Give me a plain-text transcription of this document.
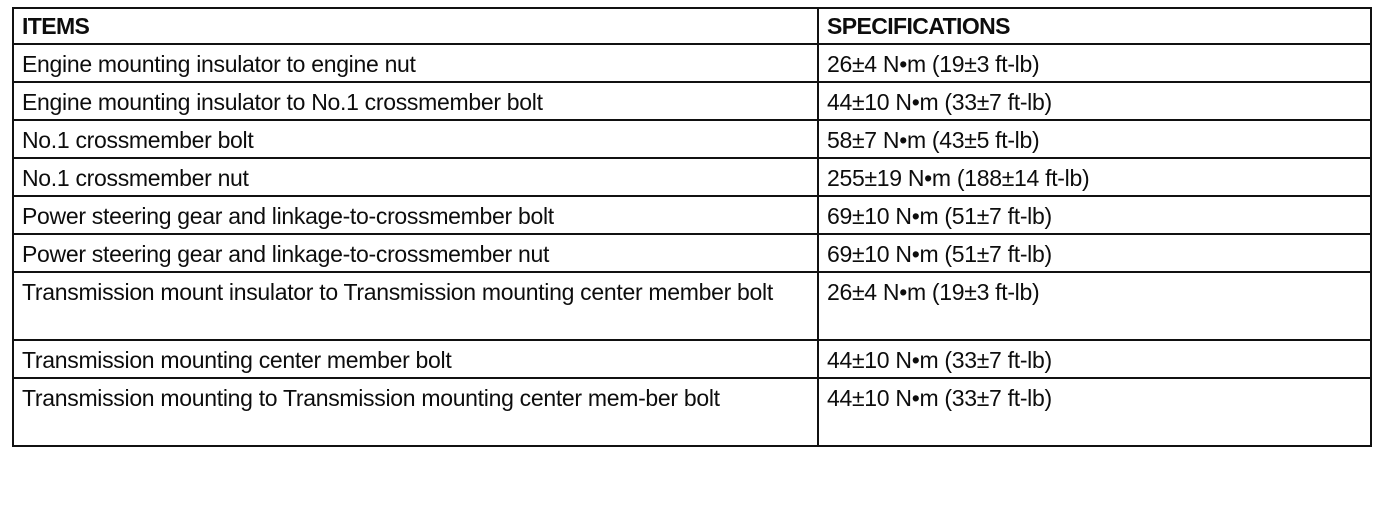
ITEMS	SPECIFICATIONS
Engine mounting insulator to engine nut	26±4 N•m (19±3 ft-lb)
Engine mounting insulator to No.1 crossmember bolt	44±10 N•m (33±7 ft-lb)
No.1 crossmember bolt	58±7 N•m (43±5 ft-lb)
No.1 crossmember nut	255±19 N•m (188±14 ft-lb)
Power steering gear and linkage-to-crossmember bolt	69±10 N•m (51±7 ft-lb)
Power steering gear and linkage-to-crossmember nut	69±10 N•m (51±7 ft-lb)
Transmission mount insulator to Transmission mounting center member bolt	26±4 N•m (19±3 ft-lb)
Transmission mounting center member bolt	44±10 N•m (33±7 ft-lb)
Transmission mounting to Transmission mounting center mem-ber bolt	44±10 N•m (33±7 ft-lb)
